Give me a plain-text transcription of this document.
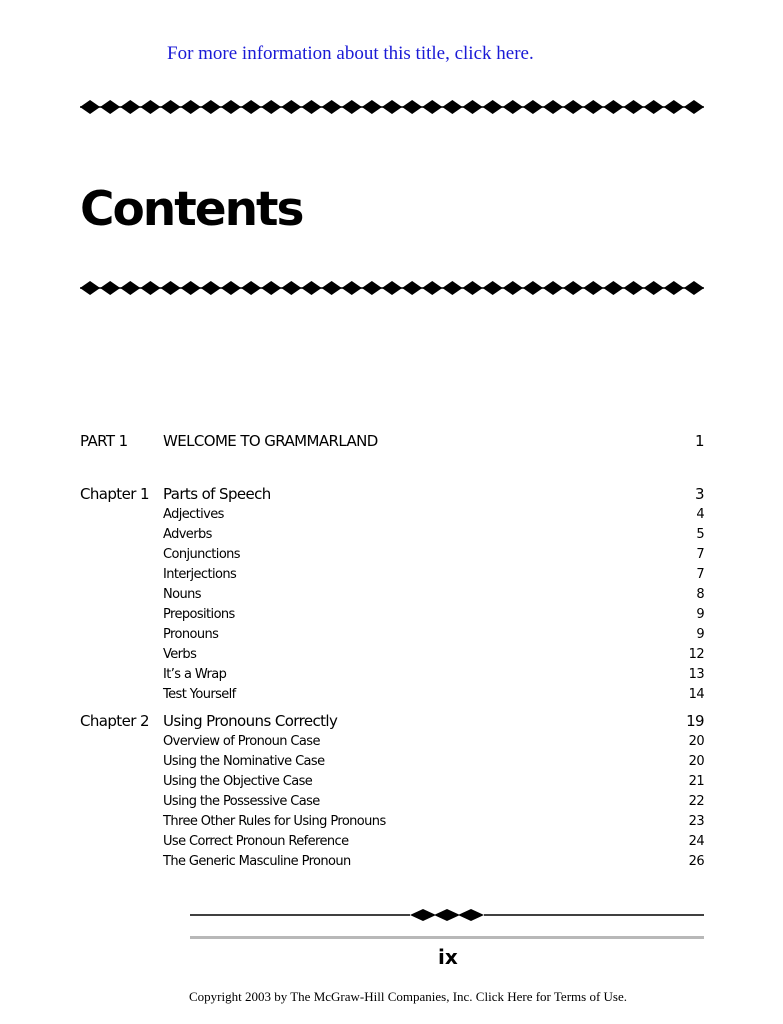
For more information about this title, click here.
Contents
PART 1 WELCOME TO GRAMMARLAND	1
Chapter 1 Parts of Speech	3
Adjectives	4
Adverbs	5
Conjunctions	7
Interjections	7
Nouns	8
Prepositions	9
Pronouns	9
Verbs	12
It’s a Wrap	13
Test Yourself	14
Chapter 2 Using Pronouns Correctly	19
Overview of Pronoun Case	20
Using the Nominative Case	20
Using the Objective Case	21
Using the Possessive Case	22
Three Other Rules for Using Pronouns	23
Use Correct Pronoun Reference	24
The Generic Masculine Pronoun	26
ix
Copyright 2003 by The McGraw-Hill Companies, Inc. Click Here for Terms of Use.
